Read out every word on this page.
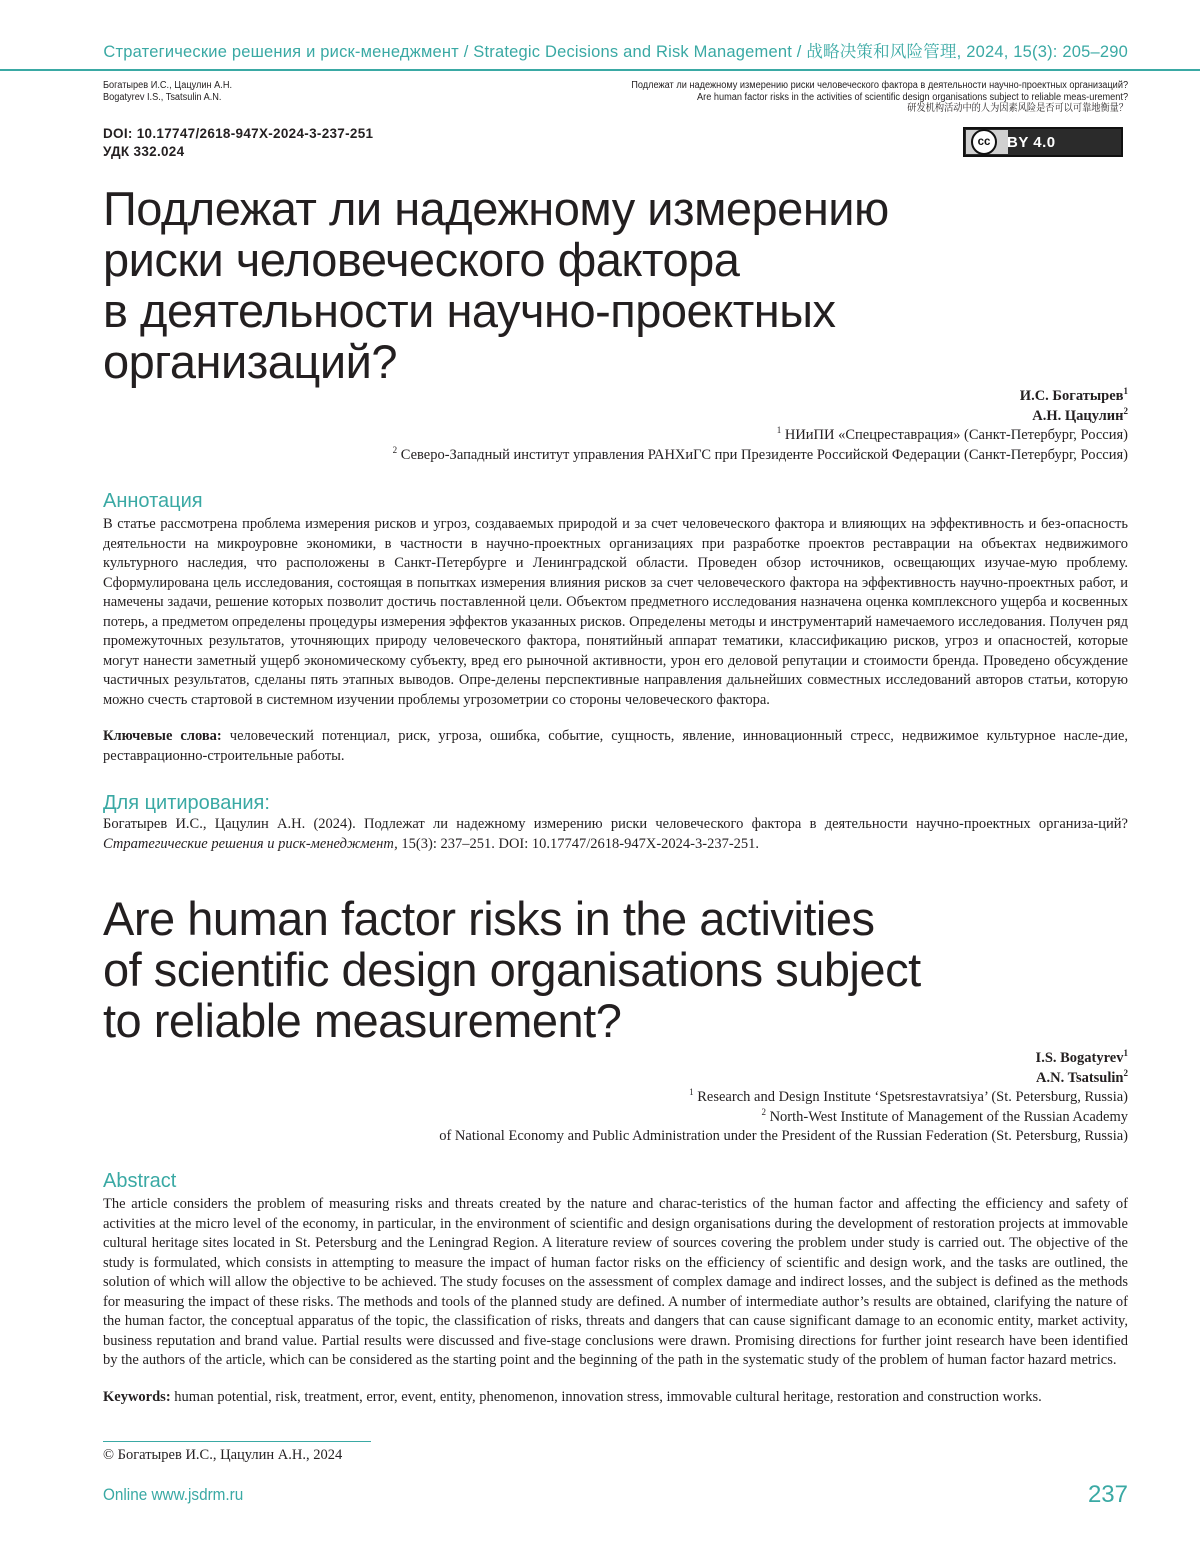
Стратегические решения и риск-менеджмент / Strategic Decisions and Risk Management / 战略决策和风险管理, 2024, 15(3): 205–290
Богатырев И.С., Цацулин А.Н.
Bogatyrev I.S., Tsatsulin A.N.
Подлежат ли надежному измерению риски человеческого фактора в деятельности научно-проектных организаций?
Are human factor risks in the activities of scientific design organisations subject to reliable meas-urement?
研发机构活动中的人为因素风险是否可以可靠地衡量？
DOI: 10.17747/2618-947X-2024-3-237-251
УДК 332.024
cc	BY 4.0
Подлежат ли надежному измерению
риски человеческого фактора
в деятельности научно-проектных
организаций?
И.С. Богатырев$^1$
А.Н. Цацулин$^2$
$^1$ НИиПИ «Спецреставрация» (Санкт-Петербург, Россия)
$^2$ Северо-Западный институт управления РАНХиГС при Президенте Российской Федерации (Санкт-Петербург, Россия)
Аннотация

В статье рассмотрена проблема измерения рисков и угроз, создаваемых природой и за счет человеческого фактора и влияющих на эффективность и без-опасность деятельности на микроуровне экономики, в частности в научно-проектных организациях при разработке проектов реставрации на объектах недвижимого культурного наследия, что расположены в Санкт-Петербурге и Ленинградской области. Проведен обзор источников, освещающих изучае-мую проблему. Сформулирована цель исследования, состоящая в попытках измерения влияния рисков за счет человеческого фактора на эффективность научно-проектных работ, и намечены задачи, решение которых позволит достичь поставленной цели. Объектом предметного исследования назначена оценка комплексного ущерба и косвенных потерь, а предметом определены процедуры измерения эффектов указанных рисков. Определены методы и инструментарий намечаемого исследования. Получен ряд промежуточных результатов, уточняющих природу человеческого фактора, понятийный аппарат тематики, классификацию рисков, угроз и опасностей, которые могут нанести заметный ущерб экономическому субъекту, вред его рыночной активности, урон его деловой репутации и стоимости бренда. Проведено обсуждение частичных результатов, сделаны пять этапных выводов. Опре-делены перспективные направления дальнейших совместных исследований авторов статьи, которую можно счесть стартовой в системном изучении проблемы угрозометрии со стороны человеческого фактора.

Ключевые слова: человеческий потенциал, риск, угроза, ошибка, событие, сущность, явление, инновационный стресс, недвижимое культурное насле-дие, реставрационно-строительные работы.

Для цитирования:

Богатырев И.С., Цацулин А.Н. (2024). Подлежат ли надежному измерению риски человеческого фактора в деятельности научно-проектных организа-ций? Стратегические решения и риск-менеджмент, 15(3): 237–251. DOI: 10.17747/2618-947X-2024-3-237-251.

Are human factor risks in the activities
of scientific design organisations subject
to reliable measurement?
I.S. Bogatyrev$^1$
A.N. Tsatsulin$^2$
$^1$ Research and Design Institute ‘Spetsrestavratsiya’ (St. Petersburg, Russia)
$^2$ North-West Institute of Management of the Russian Academy
of National Economy and Public Administration under the President of the Russian Federation (St. Petersburg, Russia)
Abstract

The article considers the problem of measuring risks and threats created by the nature and charac-teristics of the human factor and affecting the efficiency and safety of activities at the micro level of the economy, in particular, in the environment of scientific and design organisations during the development of restoration projects at immovable cultural heritage sites located in St. Petersburg and the Leningrad Region. A literature review of sources covering the problem under study is carried out. The objective of the study is formulated, which consists in attempting to measure the impact of human factor risks on the efficiency of scientific and design work, and the tasks are outlined, the solution of which will allow the objective to be achieved. The study focuses on the assessment of complex damage and indirect losses, and the subject is defined as the methods for measuring the impact of these risks. The methods and tools of the planned study are defined. A number of intermediate author’s results are obtained, clarifying the nature of the human factor, the conceptual apparatus of the topic, the classification of risks, threats and dangers that can cause significant damage to an economic entity, market activity, business reputation and brand value. Partial results were discussed and five-stage conclusions were drawn. Promising directions for further joint research have been identified by the authors of the article, which can be considered as the starting point and the beginning of the path in the systematic study of the problem of human factor hazard metrics.

Keywords: human potential, risk, treatment, error, event, entity, phenomenon, innovation stress, immovable cultural heritage, restoration and construction works.

© Богатырев И.С., Цацулин А.Н., 2024
Online www.jsdrm.ru	237
